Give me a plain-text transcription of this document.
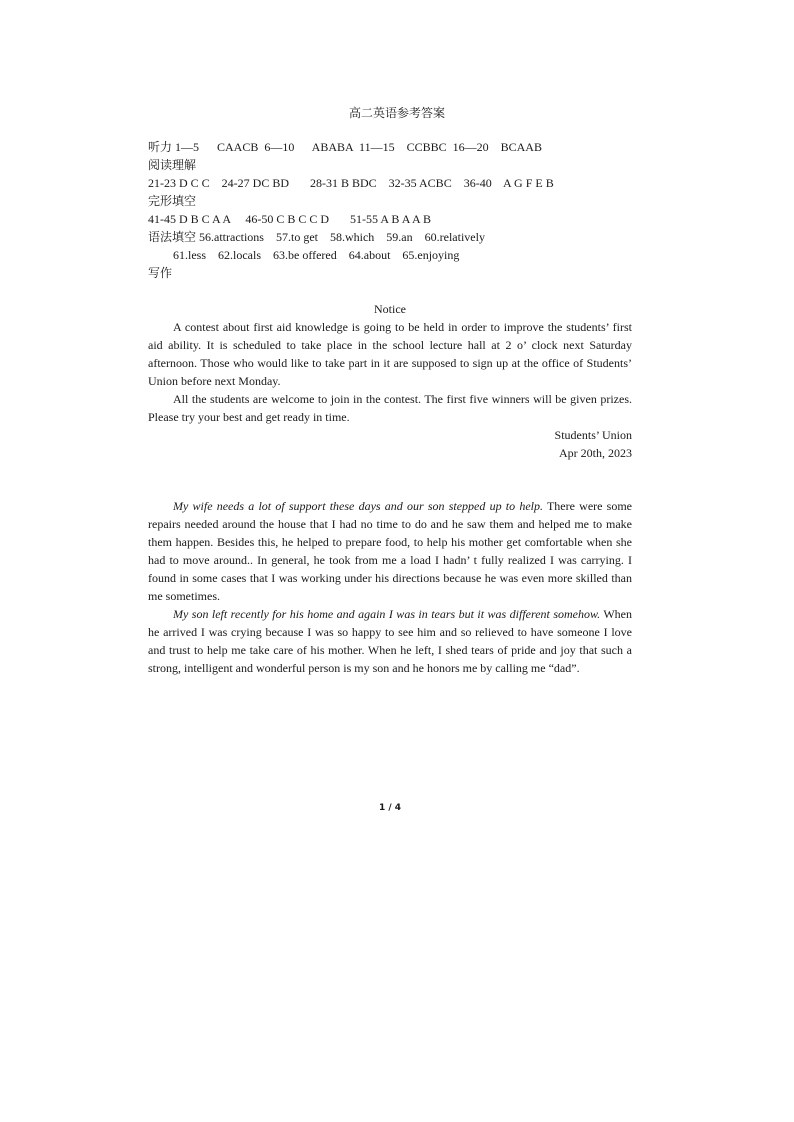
高二英语参考答案
听力 1—5      CAACB  6—10      ABABA  11—15    CCBBC  16—20    BCAAB
阅读理解
21-23 D C C    24-27 DC BD       28-31 B BDC    32-35 ACBC    36-40    A G F E B
完形填空
41-45 D B C A A     46-50 C B C C D       51-55 A B A A B
语法填空 56.attractions    57.to get    58.which    59.an    60.relatively
61.less    62.locals    63.be offered    64.about    65.enjoying
写作
Notice

A contest about first aid knowledge is going to be held in order to improve the students’ first aid ability. It is scheduled to take place in the school lecture hall at 2 o’ clock next Saturday afternoon. Those who would like to take part in it are supposed to sign up at the office of Students’ Union before next Monday.

All the students are welcome to join in the contest. The first five winners will be given prizes. Please try your best and get ready in time.

Students’ Union
Apr 20th, 2023

My wife needs a lot of support these days and our son stepped up to help. There were some repairs needed around the house that I had no time to do and he saw them and helped me to make them happen. Besides this, he helped to prepare food, to help his mother get comfortable when she had to move around.. In general, he took from me a load I hadn’ t fully realized I was carrying. I found in some cases that I was working under his directions because he was even more skilled than me sometimes.

My son left recently for his home and again I was in tears but it was different somehow. When he arrived I was crying because I was so happy to see him and so relieved to have someone I love and trust to help me take care of his mother. When he left, I shed tears of pride and joy that such a strong, intelligent and wonderful person is my son and he honors me by calling me “dad”.

1 / 4
